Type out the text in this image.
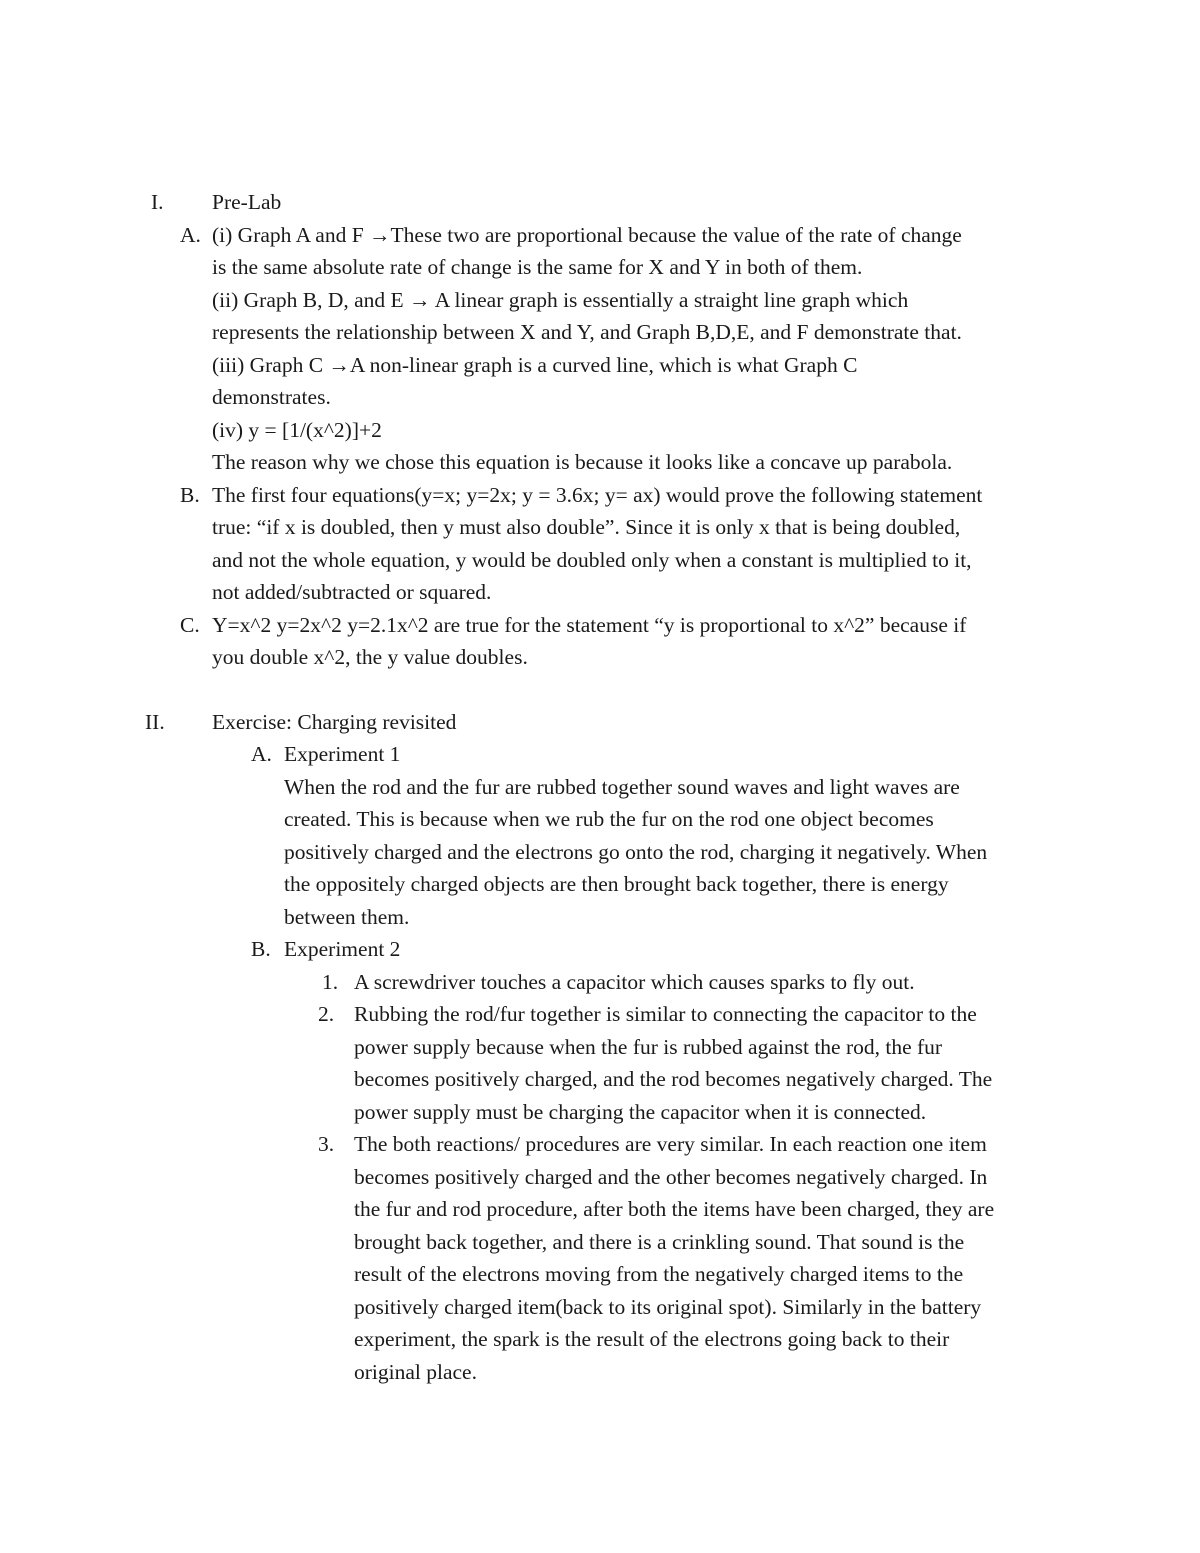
I. Pre-Lab
A. (i) Graph A and F →These two are proportional because the value of the rate of change
is the same absolute rate of change is the same for X and Y in both of them.
(ii) Graph B, D, and E → A linear graph is essentially a straight line graph which
represents the relationship between X and Y, and Graph B,D,E, and F demonstrate that.
(iii) Graph C →A non-linear graph is a curved line, which is what Graph C
demonstrates.
(iv) y = [1/(x^2)]+2
The reason why we chose this equation is because it looks like a concave up parabola.
B. The first four equations(y=x; y=2x; y = 3.6x; y= ax) would prove the following statement
true: “if x is doubled, then y must also double”. Since it is only x that is being doubled,
and not the whole equation, y would be doubled only when a constant is multiplied to it,
not added/subtracted or squared.
C. Y=x^2 y=2x^2 y=2.1x^2 are true for the statement “y is proportional to x^2” because if
you double x^2, the y value doubles.
II. Exercise: Charging revisited
A. Experiment 1
When the rod and the fur are rubbed together sound waves and light waves are
created. This is because when we rub the fur on the rod one object becomes
positively charged and the electrons go onto the rod, charging it negatively. When
the oppositely charged objects are then brought back together, there is energy
between them.
B. Experiment 2
1. A screwdriver touches a capacitor which causes sparks to fly out.
2. Rubbing the rod/fur together is similar to connecting the capacitor to the
power supply because when the fur is rubbed against the rod, the fur
becomes positively charged, and the rod becomes negatively charged. The
power supply must be charging the capacitor when it is connected.
3. The both reactions/ procedures are very similar. In each reaction one item
becomes positively charged and the other becomes negatively charged. In
the fur and rod procedure, after both the items have been charged, they are
brought back together, and there is a crinkling sound. That sound is the
result of the electrons moving from the negatively charged items to the
positively charged item(back to its original spot). Similarly in the battery
experiment, the spark is the result of the electrons going back to their
original place.
